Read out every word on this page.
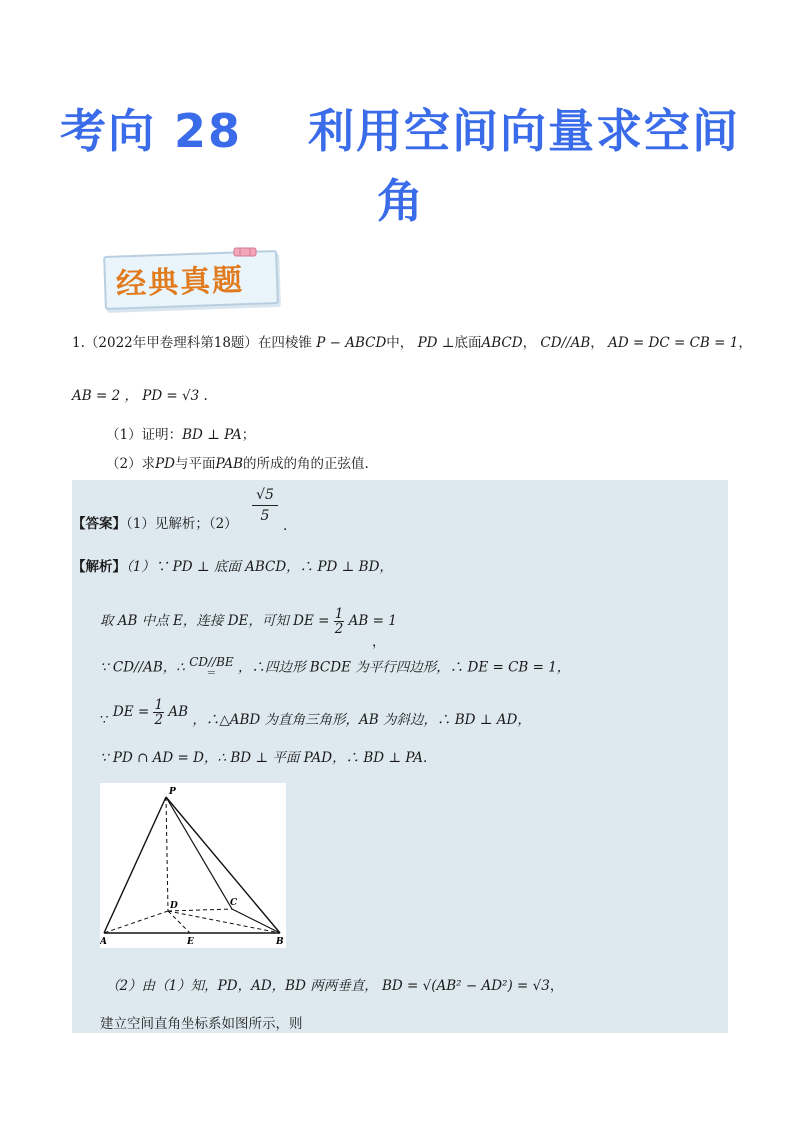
考向 28　 利用空间向量求空间
角
经典真题
1.（2022年甲卷理科第18题）在四棱锥 P − ABCD中， PD ⊥底面ABCD， CD//AB， AD = DC = CB = 1，
AB = 2 ， PD = √3 .
（1）证明：BD ⊥ PA；
（2）求PD与平面PAB的所成的角的正弦值.
【答案】（1）见解析；$(2) \frac{√5}{5}$
.
【解析】（1）∵ PD ⊥ 底面 ABCD，∴ PD ⊥ BD，
取 AB 中点 E，连接 DE，可知 DE = $\frac{1}{2}$ AB = 1
，
∵ CD//AB，∴ CD//BE
＝	，∴四边形 BCDE 为平行四边形，∴ DE = CB = 1，
∵ DE = $\frac{1}{2}$ AB ，∴△ABD 为直角三角形，AB 为斜边，∴ BD ⊥ AD，
∵ PD ∩ AD = D，∴ BD ⊥ 平面 PAD，∴ BD ⊥ PA.
P
A	B
C
D
E
（2）由（1）知，PD，AD，BD 两两垂直， BD = √(AB² − AD²) = √3，
建立空间直角坐标系如图所示，则
